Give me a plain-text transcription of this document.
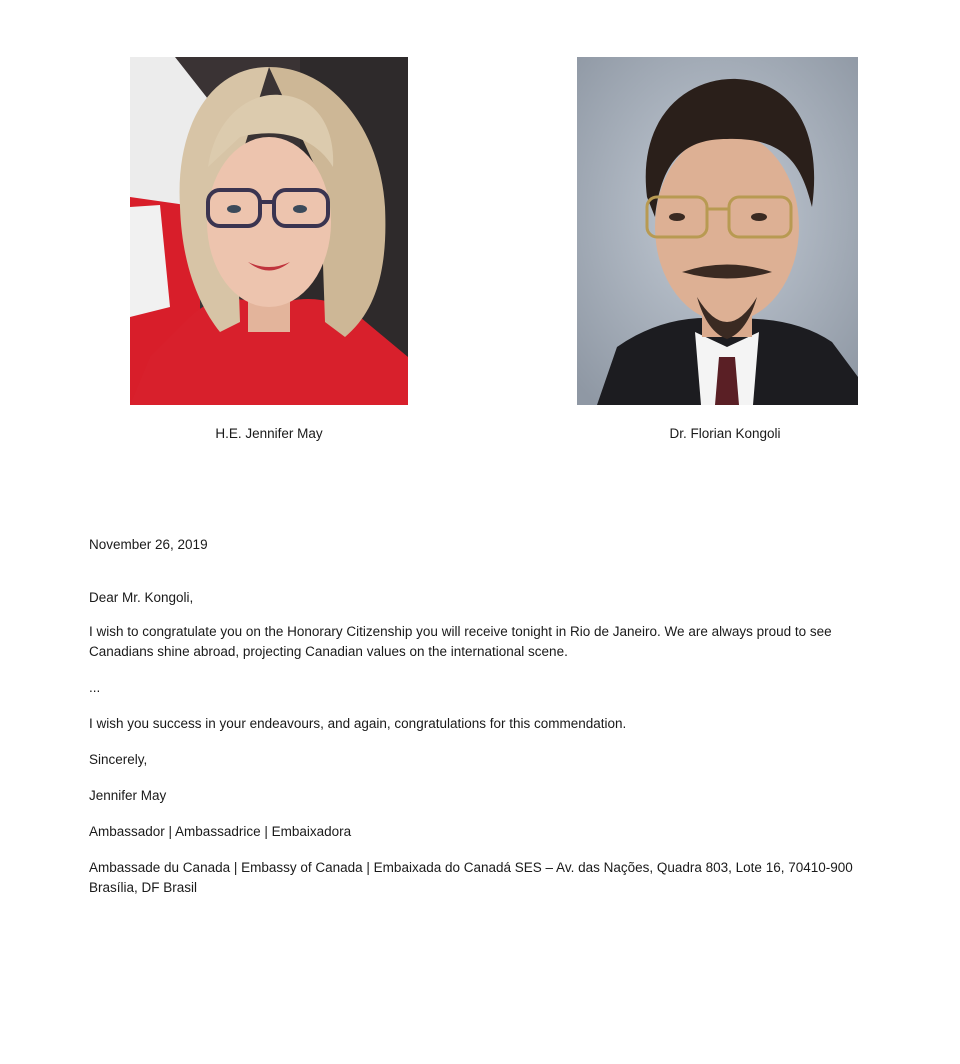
H.E. Jennifer May	Dr. Florian Kongoli

November 26, 2019

Dear Mr. Kongoli,

I wish to congratulate you on the Honorary Citizenship you will receive tonight in Rio de Janeiro. We are always proud to see Canadians shine abroad, projecting Canadian values on the international scene.

...

I wish you success in your endeavours, and again, congratulations for this commendation.

Sincerely,

Jennifer May

Ambassador | Ambassadrice | Embaixadora

Ambassade du Canada | Embassy of Canada | Embaixada do Canadá SES – Av. das Nações, Quadra 803, Lote 16, 70410-900 Brasília, DF Brasil
